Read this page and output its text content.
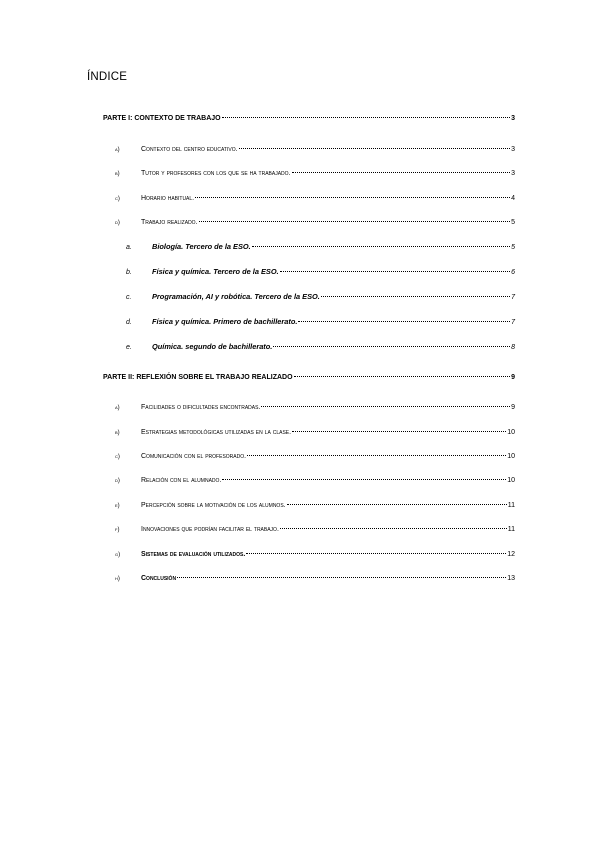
ÍNDICE
PARTE I: CONTEXTO DE TRABAJO	3
a)	Contexto del centro educativo.	3
b)	Tutor y profesores con los que se ha trabajado.	3
c)	Horario habitual.	4
d)	Trabajo realizado.	5
a.	Biología. Tercero de la ESO.	5
b.	Física y química. Tercero de la ESO.	6
c.	Programación, AI y robótica. Tercero de la ESO.	7
d.	Física y química. Primero de bachillerato.	7
e.	Química. segundo de bachillerato.	8
PARTE II: REFLEXIÓN SOBRE EL TRABAJO REALIZADO	9
a)	Facilidades o dificultades encontradas.	9
b)	Estrategias metodológicas utilizadas en la clase.	10
c)	Comunicación con el profesorado.	10
d)	Relación con el alumnado.	10
e)	Percepción sobre la motivación de los alumnos.	11
f)	Innovaciones que podrían facilitar el trabajo.	11
g)	Sistemas de evaluación utilizados.	12
h)	Conclusión	13
